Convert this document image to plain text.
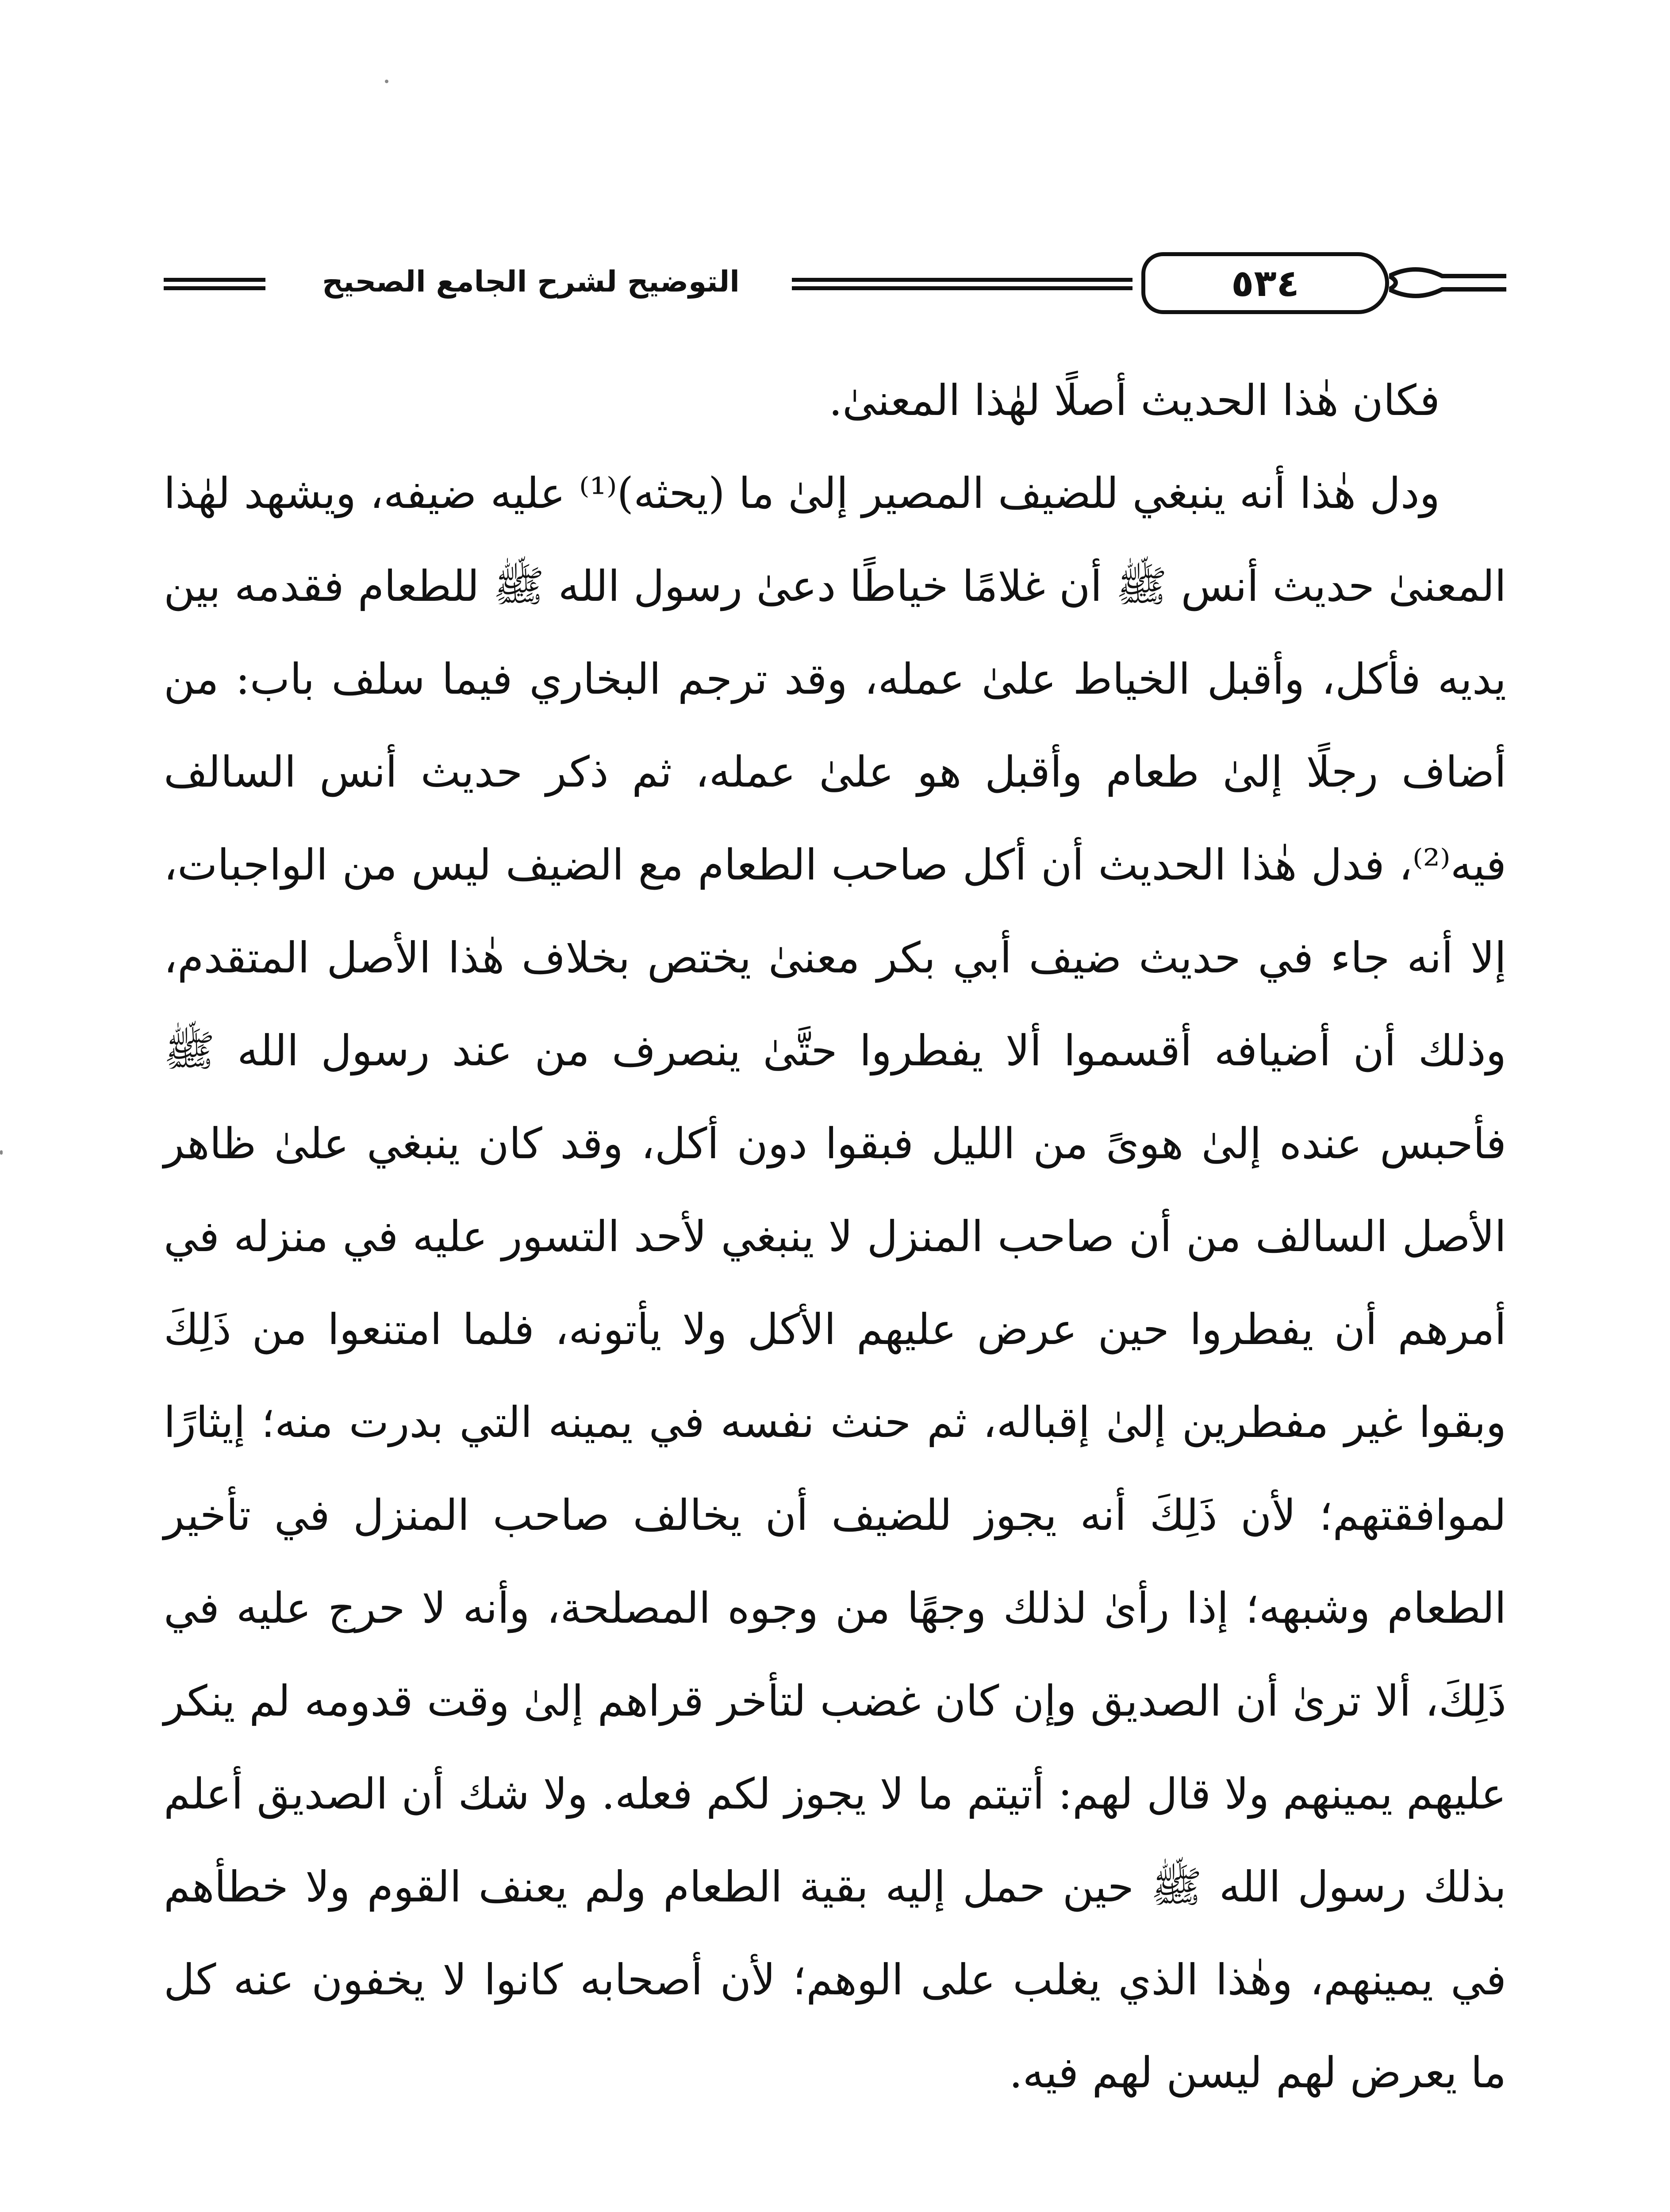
التوضيح لشرح الجامع الصحيح	٥٣٤

فكان هٰذا الحديث أصلًا لهٰذا المعنىٰ.

ودل هٰذا أنه ينبغي للضيف المصير إلىٰ ما (يحثه)⁽¹⁾ عليه ضيفه، ويشهد لهٰذا المعنىٰ حديث أنس ﷺ أن غلامًا خياطًا دعىٰ رسول الله ﷺ للطعام فقدمه بين يديه فأكل، وأقبل الخياط علىٰ عمله، وقد ترجم البخاري فيما سلف باب: من أضاف رجلًا إلىٰ طعام وأقبل هو علىٰ عمله، ثم ذكر حديث أنس السالف فيه⁽²⁾، فدل هٰذا الحديث أن أكل صاحب الطعام مع الضيف ليس من الواجبات، إلا أنه جاء في حديث ضيف أبي بكر معنىٰ يختص بخلاف هٰذا الأصل المتقدم، وذلك أن أضيافه أقسموا ألا يفطروا حتَّىٰ ينصرف من عند رسول الله ﷺ فأحبس عنده إلىٰ هوىً من الليل فبقوا دون أكل، وقد كان ينبغي علىٰ ظاهر الأصل السالف من أن صاحب المنزل لا ينبغي لأحد التسور عليه في منزله في أمرهم أن يفطروا حين عرض عليهم الأكل ولا يأتونه، فلما امتنعوا من ذَلِكَ وبقوا غير مفطرين إلىٰ إقباله، ثم حنث نفسه في يمينه التي بدرت منه؛ إيثارًا لموافقتهم؛ لأن ذَلِكَ أنه يجوز للضيف أن يخالف صاحب المنزل في تأخير الطعام وشبهه؛ إذا رأىٰ لذلك وجهًا من وجوه المصلحة، وأنه لا حرج عليه في ذَلِكَ، ألا ترىٰ أن الصديق وإن كان غضب لتأخر قراهم إلىٰ وقت قدومه لم ينكر عليهم يمينهم ولا قال لهم: أتيتم ما لا يجوز لكم فعله. ولا شك أن الصديق أعلم بذلك رسول الله ﷺ حين حمل إليه بقية الطعام ولم يعنف القوم ولا خطأهم في يمينهم، وهٰذا الذي يغلب على الوهم؛ لأن أصحابه كانوا لا يخفون عنه كل ما يعرض لهم ليسن لهم فيه.
